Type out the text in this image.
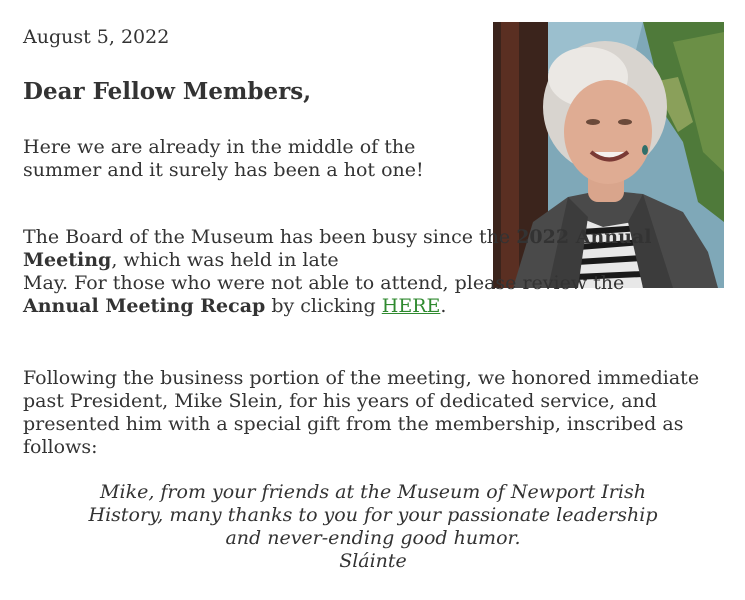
August 5, 2022

Dear Fellow Members,

Here we are already in the middle of the summer and it surely has been a hot one!

The Board of the Museum has been busy since the 2022 Annual
Meeting, which was held in late
May. For those who were not able to attend, please review the
Annual Meeting Recap by clicking HERE.

Following the business portion of the meeting, we honored immediate past President, Mike Slein, for his years of dedicated service, and presented him with a special gift from the membership, inscribed as follows:

Mike, from your friends at the Museum of Newport Irish
History, many thanks to you for your passionate leadership
and never-ending good humor.
Sláinte
